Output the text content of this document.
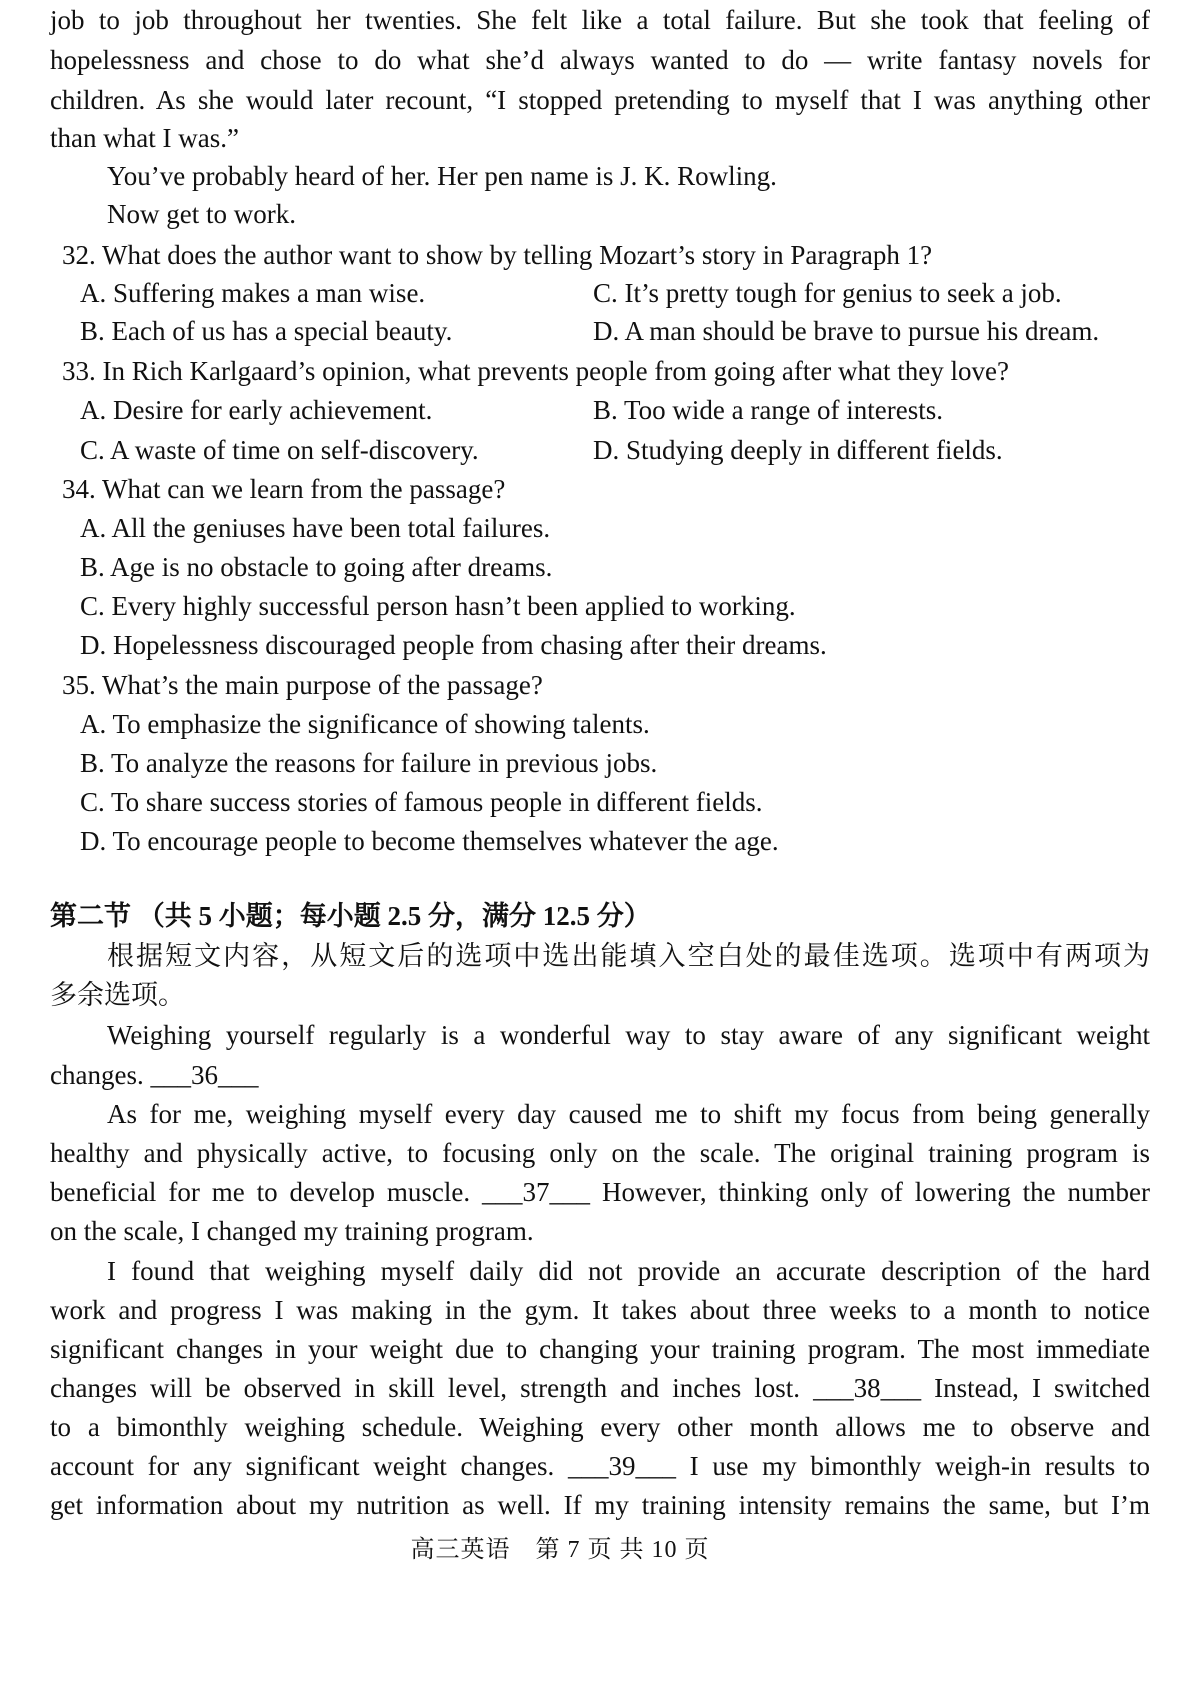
job to job throughout her twenties. She felt like a total failure. But she took that feeling of
hopelessness and chose to do what she’d always wanted to do — write fantasy novels for
children. As she would later recount, “I stopped pretending to myself that I was anything other
than what I was.”
You’ve probably heard of her. Her pen name is J. K. Rowling.
Now get to work.
32. What does the author want to show by telling Mozart’s story in Paragraph 1?
A. Suffering makes a man wise.	C. It’s pretty tough for genius to seek a job.
B. Each of us has a special beauty.	D. A man should be brave to pursue his dream.
33. In Rich Karlgaard’s opinion, what prevents people from going after what they love?
A. Desire for early achievement.	B. Too wide a range of interests.
C. A waste of time on self-discovery.	D. Studying deeply in different fields.
34. What can we learn from the passage?
A. All the geniuses have been total failures.
B. Age is no obstacle to going after dreams.
C. Every highly successful person hasn’t been applied to working.
D. Hopelessness discouraged people from chasing after their dreams.
35. What’s the main purpose of the passage?
A. To emphasize the significance of showing talents.
B. To analyze the reasons for failure in previous jobs.
C. To share success stories of famous people in different fields.
D. To encourage people to become themselves whatever the age.
第二节 （共 5 小题；每小题 2.5 分，满分 12.5 分）
根据短文内容，从短文后的选项中选出能填入空白处的最佳选项。选项中有两项为
多余选项。
Weighing yourself regularly is a wonderful way to stay aware of any significant weight
changes. ___36___
As for me, weighing myself every day caused me to shift my focus from being generally
healthy and physically active, to focusing only on the scale. The original training program is
beneficial for me to develop muscle. ___37___ However, thinking only of lowering the number
on the scale, I changed my training program.
I found that weighing myself daily did not provide an accurate description of the hard
work and progress I was making in the gym. It takes about three weeks to a month to notice
significant changes in your weight due to changing your training program. The most immediate
changes will be observed in skill level, strength and inches lost. ___38___ Instead, I switched
to a bimonthly weighing schedule. Weighing every other month allows me to observe and
account for any significant weight changes. ___39___ I use my bimonthly weigh-in results to
get information about my nutrition as well. If my training intensity remains the same, but I’m
高三英语　第 7 页 共 10 页
